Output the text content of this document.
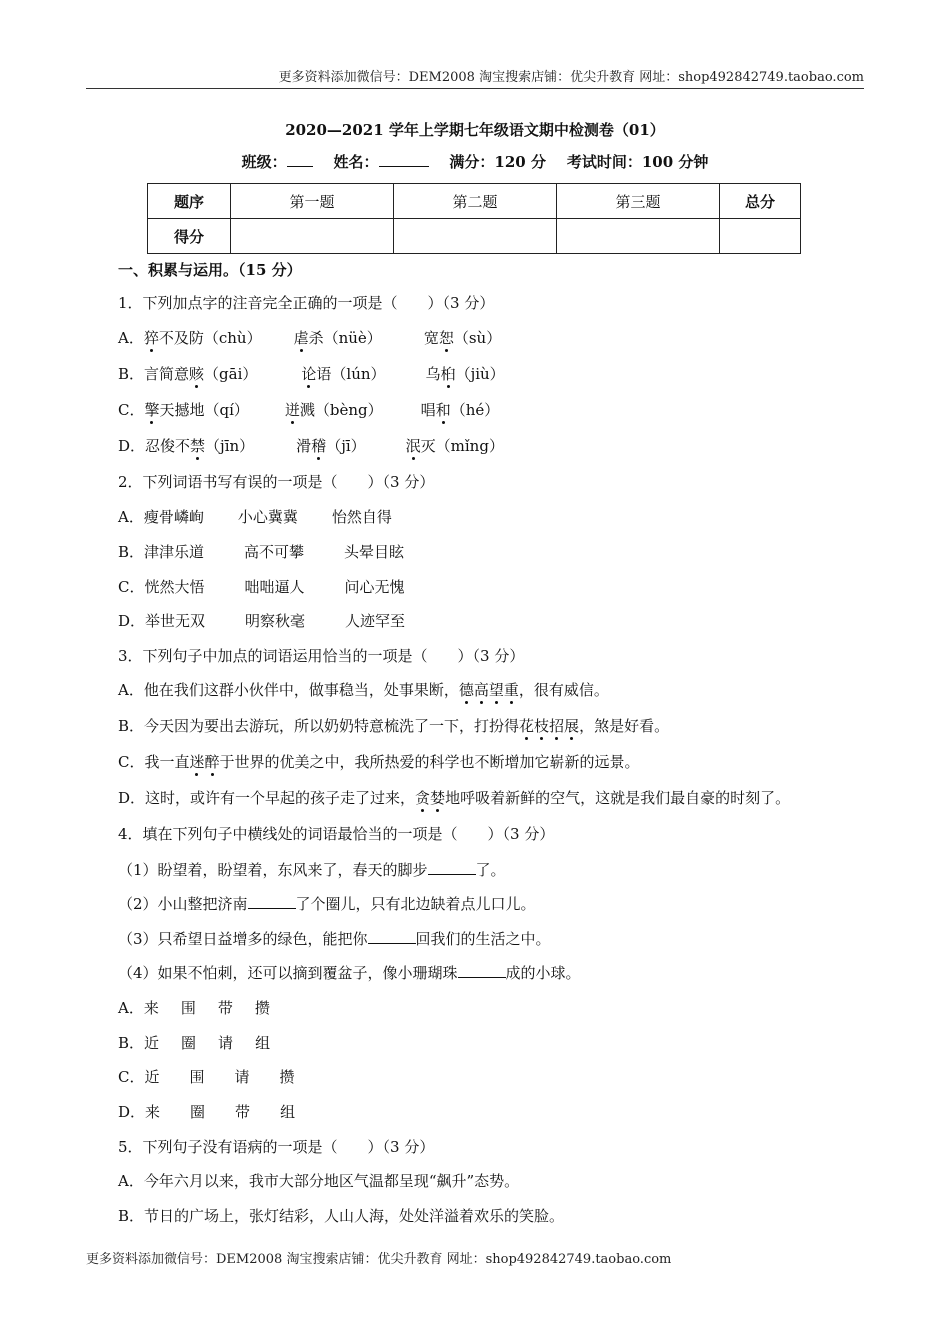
更多资料添加微信号：DEM2008 淘宝搜索店铺：优尖升教育 网址：shop492842749.taobao.com
2020—2021 学年上学期七年级语文期中检测卷（01）
班级：	姓名：	满分：120 分 考试时间：100 分钟
题序	第一题	第二题	第三题	总分
得分				
一、积累与运用。（15 分）
1．下列加点字的注音完全正确的一项是（　　）（3 分）
A．猝不及防（chù） 虐杀（nüè）	宽恕（sù）
B．言简意赅（gāi）	论语（lún）	乌桕（jiù）
C．擎天撼地（qí） 迸溅（bèng）	唱和（hé）
D．忍俊不禁（jīn）	滑稽（jī）	泯灭（mǐng）
2．下列词语书写有误的一项是（　　）（3 分）
A．瘦骨嶙峋 小心冀冀 怡然自得
B．津津乐道	高不可攀	头晕目眩
C．恍然大悟	咄咄逼人	问心无愧
D．举世无双	明察秋毫	人迹罕至
3．下列句子中加点的词语运用恰当的一项是（　　）（3 分）
A．他在我们这群小伙伴中，做事稳当，处事果断，德高望重，很有威信。
B．今天因为要出去游玩，所以奶奶特意梳洗了一下，打扮得花枝招展，煞是好看。
C．我一直迷醉于世界的优美之中，我所热爱的科学也不断增加它崭新的远景。
D．这时，或许有一个早起的孩子走了过来，贪婪地呼吸着新鲜的空气，这就是我们最自豪的时刻了。
4．填在下列句子中横线处的词语最恰当的一项是（　　）（3 分）
（1）盼望着，盼望着，东风来了，春天的脚步	了。
（2）小山整把济南	了个圈儿，只有北边缺着点儿口儿。
（3）只希望日益增多的绿色，能把你	回我们的生活之中。
（4）如果不怕刺，还可以摘到覆盆子，像小珊瑚珠	成的小球。
A．来 围 带 攒
B．近 圈 请 组
C．近 围 请 攒
D．来 圈 带 组
5．下列句子没有语病的一项是（　　）（3 分）
A．今年六月以来，我市大部分地区气温都呈现“飙升”态势。
B．节日的广场上，张灯结彩，人山人海，处处洋溢着欢乐的笑脸。
更多资料添加微信号：DEM2008 淘宝搜索店铺：优尖升教育 网址：shop492842749.taobao.com
